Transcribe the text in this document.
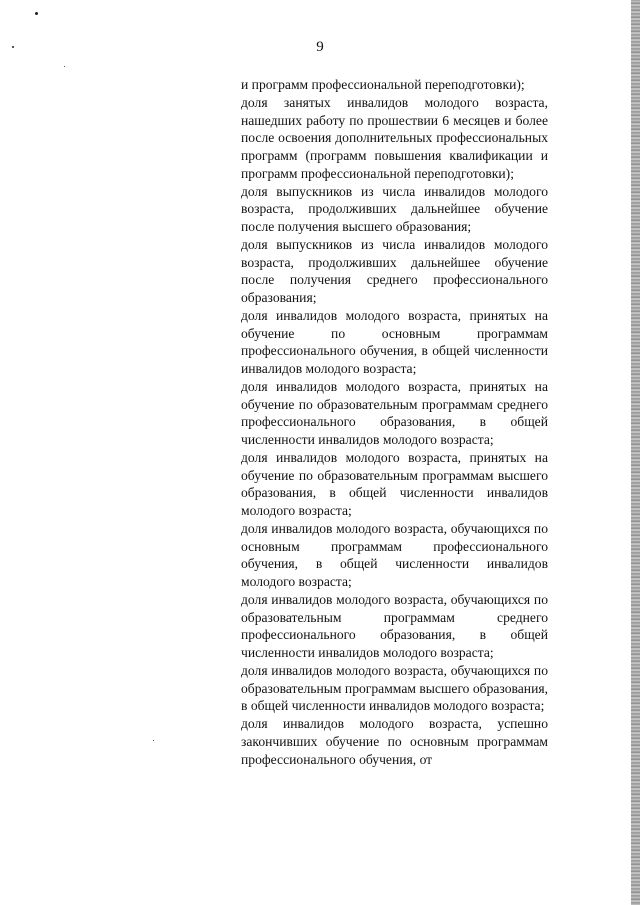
9

и программ профессиональной переподготовки);

доля занятых инвалидов молодого возраста, нашедших работу по прошествии 6 месяцев и более после освоения дополнительных профессиональных программ (программ повышения квалификации и программ профессиональной переподготовки);

доля выпускников из числа инвалидов молодого возраста, продолживших дальнейшее обучение после получения высшего образования;

доля выпускников из числа инвалидов молодого возраста, продолживших дальнейшее обучение после получения среднего профессионального образования;

доля инвалидов молодого возраста, принятых на обучение по основным программам профессионального обучения, в общей численности инвалидов молодого возраста;

доля инвалидов молодого возраста, принятых на обучение по образовательным программам среднего профессионального образования, в общей численности инвалидов молодого возраста;

доля инвалидов молодого возраста, принятых на обучение по образовательным программам высшего образования, в общей численности инвалидов молодого возраста;

доля инвалидов молодого возраста, обучающихся по основным программам профессионального обучения, в общей численности инвалидов молодого возраста;

доля инвалидов молодого возраста, обучающихся по образовательным программам среднего профессионального образования, в общей численности инвалидов молодого возраста;

доля инвалидов молодого возраста, обучающихся по образовательным программам высшего образования, в общей численности инвалидов молодого возраста;

доля инвалидов молодого возраста, успешно закончивших обучение по основным программам профессионального обучения, от
